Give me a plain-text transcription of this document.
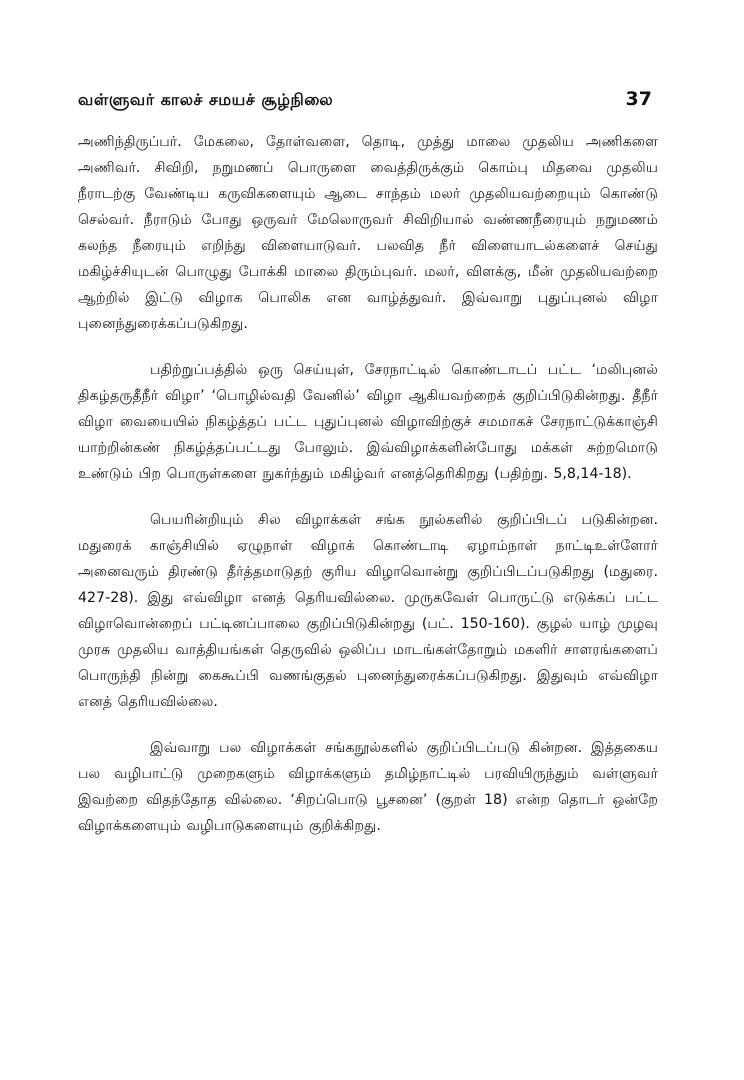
வள்ளுவர் காலச் சமயச் சூழ்நிலை	37

அணிந்திருப்பர். மேகலை, தோள்வளை, தொடி, முத்து மாலை முதலிய அணிகளை அணிவர். சிவிறி, நறுமணப் பொருளை வைத்திருக்கும் கொம்பு மிதவை முதலிய நீராடற்கு வேண்டிய கருவிகளையும் ஆடை சாந்தம் மலர் முதலியவற்றையும் கொண்டு செல்வர். நீராடும் போது ஒருவர் மேலொருவர் சிவிறியால் வண்ணநீரையும் நறுமணம் கலந்த நீரையும் எறிந்து விளையாடுவர். பலவித நீர் விளையாடல்களைச் செய்து மகிழ்ச்சியுடன் பொழுது போக்கி மாலை திரும்புவர். மலர், விளக்கு, மீன் முதலியவற்றை ஆற்றில் இட்டு விழாக பொலிக என வாழ்த்துவர். இவ்வாறு புதுப்புனல் விழா புனைந்துரைக்கப்படுகிறது.

பதிற்றுப்பத்தில் ஒரு செய்யுள், சேரநாட்டில் கொண்டாடப் பட்ட ‘மலிபுனல் திகழ்தருதீநீர் விழா’ ‘பொழில்வதி வேனில்’ விழா ஆகியவற்றைக் குறிப்பிடுகின்றது. தீநீர் விழா வையையில் நிகழ்த்தப் பட்ட புதுப்புனல் விழாவிற்குச் சமமாகச் சேரநாட்டுக்காஞ்சி யாற்றின்கண் நிகழ்த்தப்பட்டது போலும். இவ்விழாக்களின்போது மக்கள் சுற்றமொடு உண்டும் பிற பொருள்களை நுகர்ந்தும் மகிழ்வர் எனத்தெரிகிறது (பதிற்று. 5,8,14-18).

பெயரின்றியும் சில விழாக்கள் சங்க நூல்களில் குறிப்பிடப் படுகின்றன. மதுரைக் காஞ்சியில் ஏழுநாள் விழாக் கொண்டாடி ஏழாம்நாள் நாட்டிஉள்ளோர் அனைவரும் திரண்டு தீர்த்தமாடுதற் குரிய விழாவொன்று குறிப்பிடப்படுகிறது (மதுரை. 427-28). இது எவ்விழா எனத் தெரியவில்லை. முருகவேள் பொருட்டு எடுக்கப் பட்ட விழாவொன்றைப் பட்டினப்பாலை குறிப்பிடுகின்றது (பட். 150-160). குழல் யாழ் முழவு முரசு முதலிய வாத்தியங்கள் தெருவில் ஒலிப்ப மாடங்கள்தோறும் மகளிர் சாளரங்களைப் பொருந்தி நின்று கைகூப்பி வணங்குதல் புனைந்துரைக்கப்படுகிறது. இதுவும் எவ்விழா எனத் தெரியவில்லை.

இவ்வாறு பல விழாக்கள் சங்கநூல்களில் குறிப்பிடப்படு கின்றன. இத்தகைய பல வழிபாட்டு முறைகளும் விழாக்களும் தமிழ்நாட்டில் பரவியிருந்தும் வள்ளுவர் இவற்றை விதந்தோத வில்லை. ‘சிறப்பொடு பூசனை’ (குறள் 18) என்ற தொடர் ஒன்றே விழாக்களையும் வழிபாடுகளையும் குறிக்கிறது.
